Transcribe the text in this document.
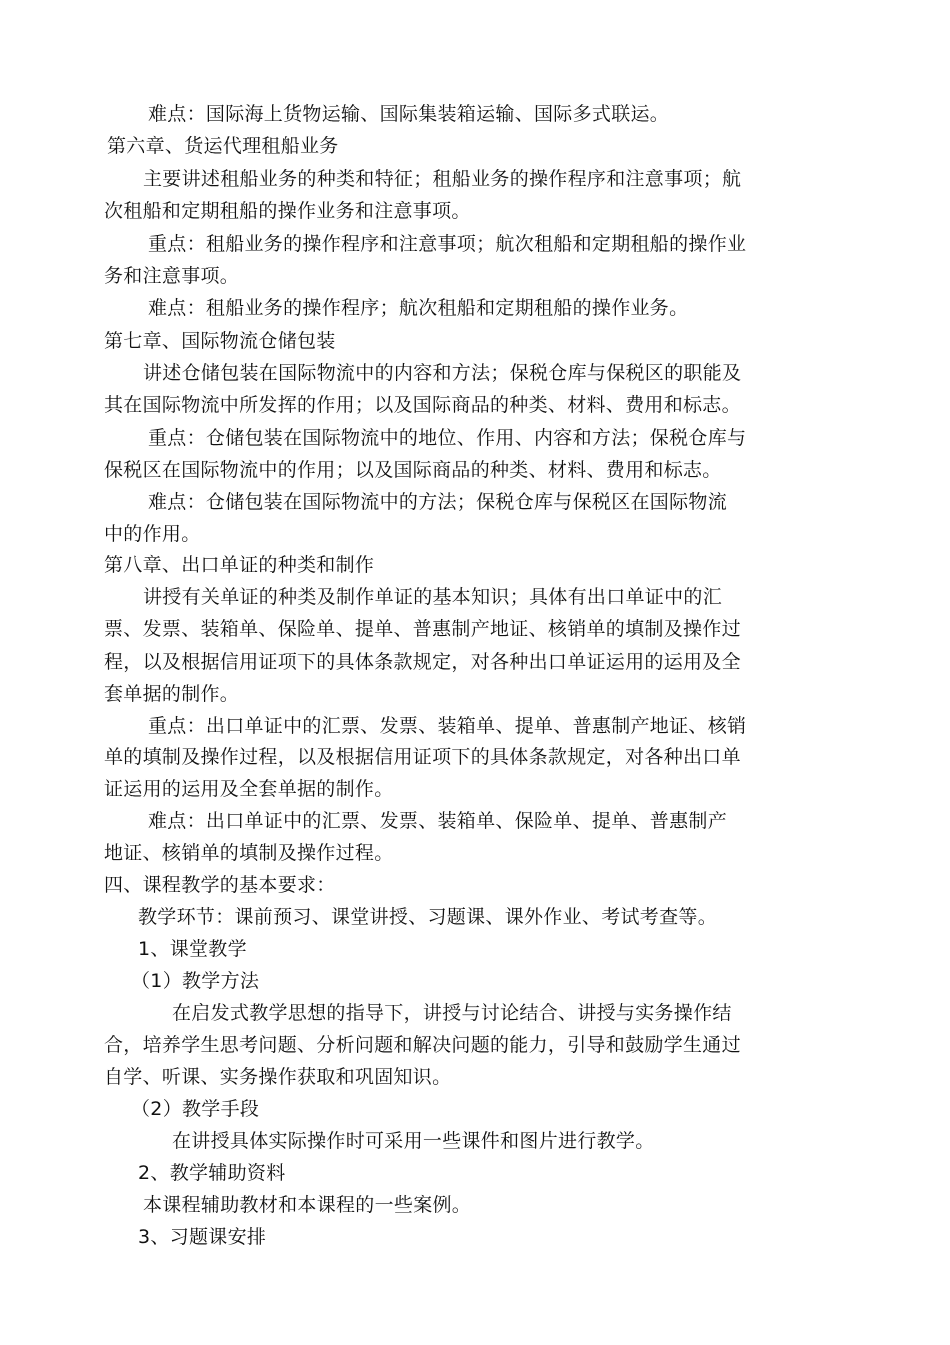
难点：国际海上货物运输、国际集装箱运输、国际多式联运。
第六章、货运代理租船业务
主要讲述租船业务的种类和特征；租船业务的操作程序和注意事项；航
次租船和定期租船的操作业务和注意事项。
重点：租船业务的操作程序和注意事项；航次租船和定期租船的操作业
务和注意事项。
难点：租船业务的操作程序；航次租船和定期租船的操作业务。
第七章、国际物流仓储包装
讲述仓储包装在国际物流中的内容和方法；保税仓库与保税区的职能及
其在国际物流中所发挥的作用；以及国际商品的种类、材料、费用和标志。
重点：仓储包装在国际物流中的地位、作用、内容和方法；保税仓库与
保税区在国际物流中的作用；以及国际商品的种类、材料、费用和标志。
难点：仓储包装在国际物流中的方法；保税仓库与保税区在国际物流
中的作用。
第八章、出口单证的种类和制作
讲授有关单证的种类及制作单证的基本知识；具体有出口单证中的汇
票、发票、装箱单、保险单、提单、普惠制产地证、核销单的填制及操作过
程，以及根据信用证项下的具体条款规定，对各种出口单证运用的运用及全
套单据的制作。
重点：出口单证中的汇票、发票、装箱单、提单、普惠制产地证、核销
单的填制及操作过程，以及根据信用证项下的具体条款规定，对各种出口单
证运用的运用及全套单据的制作。
难点：出口单证中的汇票、发票、装箱单、保险单、提单、普惠制产
地证、核销单的填制及操作过程。
四、课程教学的基本要求：
教学环节：课前预习、课堂讲授、习题课、课外作业、考试考查等。
1、课堂教学
（1）教学方法
在启发式教学思想的指导下，讲授与讨论结合、讲授与实务操作结
合，培养学生思考问题、分析问题和解决问题的能力，引导和鼓励学生通过
自学、听课、实务操作获取和巩固知识。
（2）教学手段
在讲授具体实际操作时可采用一些课件和图片进行教学。
2、教学辅助资料
本课程辅助教材和本课程的一些案例。
3、习题课安排
